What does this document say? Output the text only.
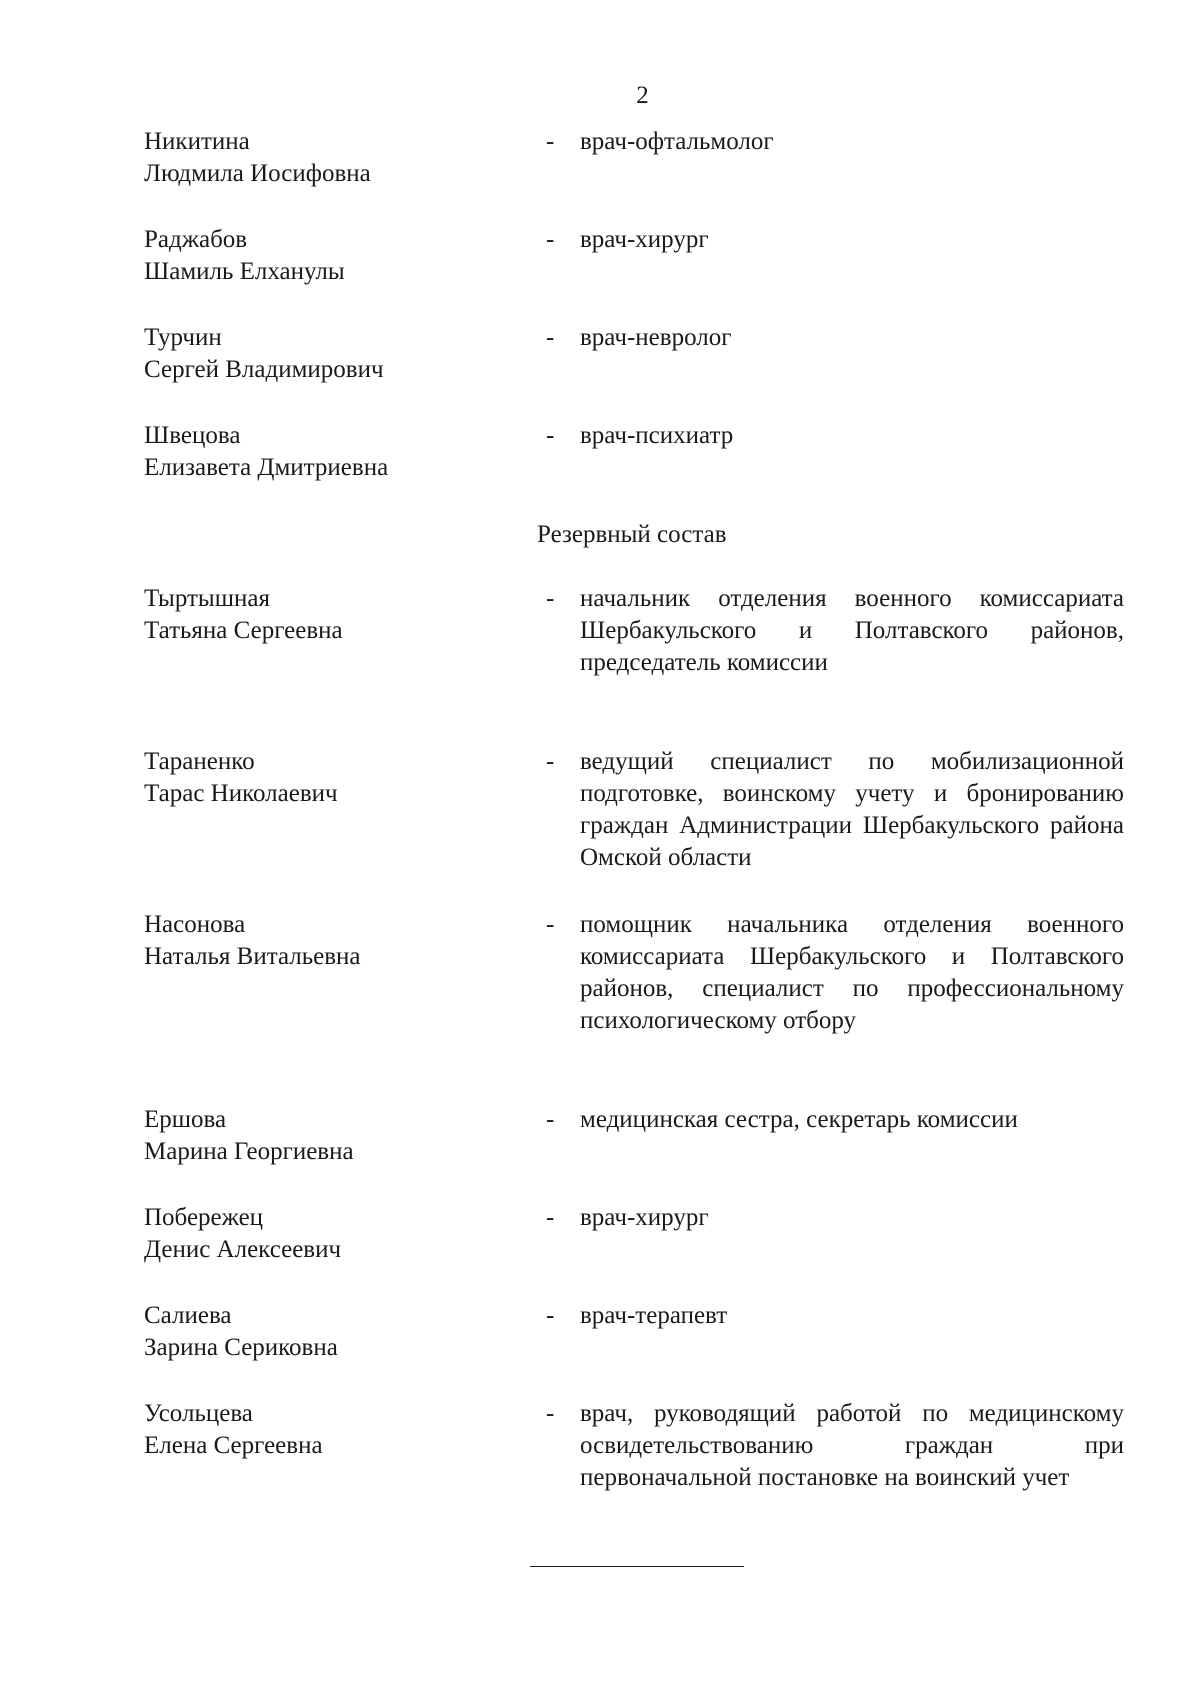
2
Никитина
Людмила Иосифовна
-	врач-офтальмолог
Раджабов
Шамиль Елханулы
-	врач-хирург
Турчин
Сергей Владимирович
-	врач-невролог
Швецова
Елизавета Дмитриевна
-	врач-психиатр
Резервный состав
Тыртышная
Татьяна Сергеевна
-	начальник отделения военного комиссариата Шербакульского и Полтавского районов, председатель комиссии
Тараненко
Тарас Николаевич
-	ведущий специалист по мобилизационной подготовке, воинскому учету и бронированию граждан Администрации Шербакульского района Омской области
Насонова
Наталья Витальевна
-	помощник начальника отделения военного комиссариата Шербакульского и Полтавского районов, специалист по профессиональному психологическому отбору
Ершова
Марина Георгиевна
-	медицинская сестра, секретарь комиссии
Побережец
Денис Алексеевич
-	врач-хирург
Салиева
Зарина Сериковна
-	врач-терапевт
Усольцева
Елена Сергеевна
-	врач, руководящий работой по медицинскому освидетельствованию граждан при первоначальной постановке на воинский учет
